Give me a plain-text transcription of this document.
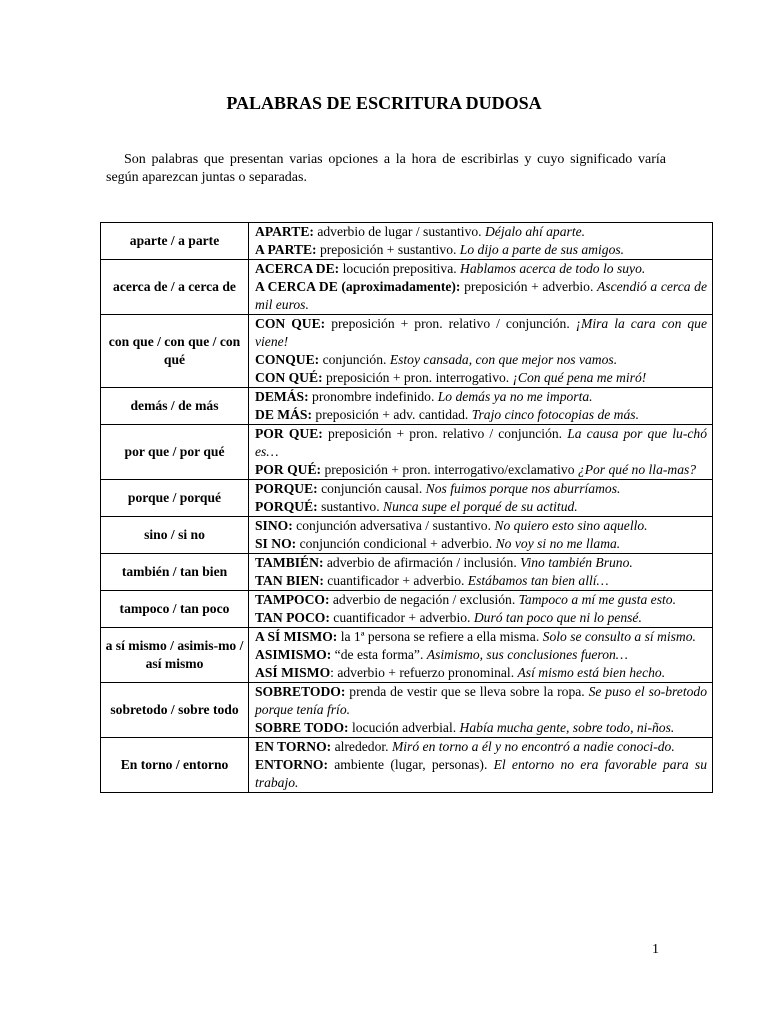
PALABRAS DE ESCRITURA DUDOSA

Son palabras que presentan varias opciones a la hora de escribirlas y cuyo significado varía según aparezcan juntas o separadas.

aparte / a parte	APARTE: adverbio de lugar / sustantivo. Déjalo ahí aparte.
A PARTE: preposición + sustantivo. Lo dijo a parte de sus amigos.

acerca de / a cerca de	ACERCA DE: locución prepositiva. Hablamos acerca de todo lo suyo.
A CERCA DE (aproximadamente): preposición + adverbio. Ascendió a cerca de mil euros.

con que / con que / con qué	CON QUE: preposición + pron. relativo / conjunción. ¡Mira la cara con que viene!
CONQUE: conjunción. Estoy cansada, con que mejor nos vamos.
CON QUÉ: preposición + pron. interrogativo. ¡Con qué pena me miró!

demás / de más	DEMÁS: pronombre indefinido. Lo demás ya no me importa.
DE MÁS: preposición + adv. cantidad. Trajo cinco fotocopias de más.

por que / por qué	POR QUE: preposición + pron. relativo / conjunción. La causa por que lu-chó es…
POR QUÉ: preposición + pron. interrogativo/exclamativo ¿Por qué no lla-mas?

porque / porqué	PORQUE: conjunción causal. Nos fuimos porque nos aburríamos.
PORQUÉ: sustantivo. Nunca supe el porqué de su actitud.

sino / si no	SINO: conjunción adversativa / sustantivo. No quiero esto sino aquello.
SI NO: conjunción condicional + adverbio. No voy si no me llama.

también / tan bien	TAMBIÉN: adverbio de afirmación / inclusión. Vino también Bruno.
TAN BIEN: cuantificador + adverbio. Estábamos tan bien allí…

tampoco / tan poco	TAMPOCO: adverbio de negación / exclusión. Tampoco a mí me gusta esto.
TAN POCO: cuantificador + adverbio. Duró tan poco que ni lo pensé.

a sí mismo / asimis-mo / así mismo	A SÍ MISMO: la 1ª persona se refiere a ella misma. Solo se consulto a sí mismo.
ASIMISMO: “de esta forma”. Asimismo, sus conclusiones fueron…
ASÍ MISMO: adverbio + refuerzo pronominal. Así mismo está bien hecho.

sobretodo / sobre todo	SOBRETODO: prenda de vestir que se lleva sobre la ropa. Se puso el so-bretodo porque tenía frío.
SOBRE TODO: locución adverbial. Había mucha gente, sobre todo, ni-ños.

En torno / entorno	EN TORNO: alrededor. Miró en torno a él y no encontró a nadie conoci-do.
ENTORNO: ambiente (lugar, personas). El entorno no era favorable para su trabajo.
1
